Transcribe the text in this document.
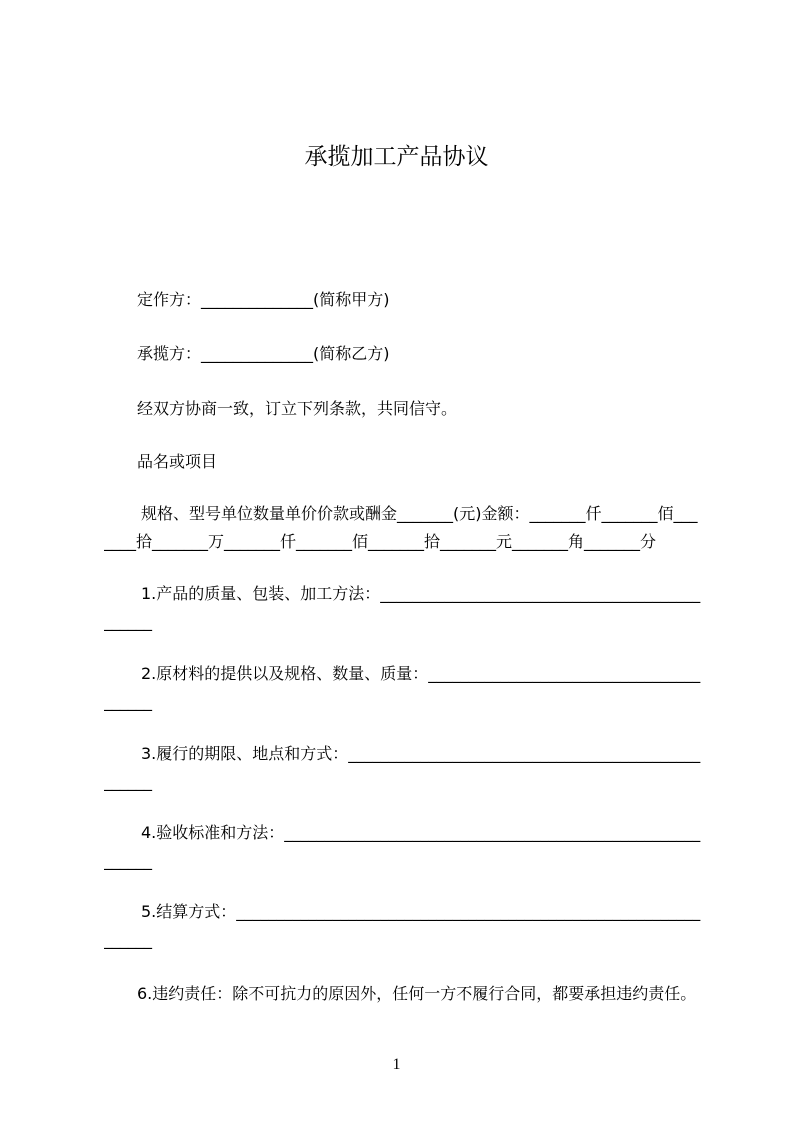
承揽加工产品协议
定作方：______________(简称甲方)
承揽方：______________(简称乙方)
经双方协商一致，订立下列条款，共同信守。
品名或项目
规格、型号单位数量单价价款或酬金_______(元)金额：_______仟_______佰___
____拾_______万_______仟_______佰_______拾_______元_______角_______分
1.产品的质量、包装、加工方法：________________________________________
______
2.原材料的提供以及规格、数量、质量：__________________________________
______
3.履行的期限、地点和方式：____________________________________________
______
4.验收标准和方法：____________________________________________________
______
5.结算方式：__________________________________________________________
______
6.违约责任：除不可抗力的原因外，任何一方不履行合同，都要承担违约责任。
1
